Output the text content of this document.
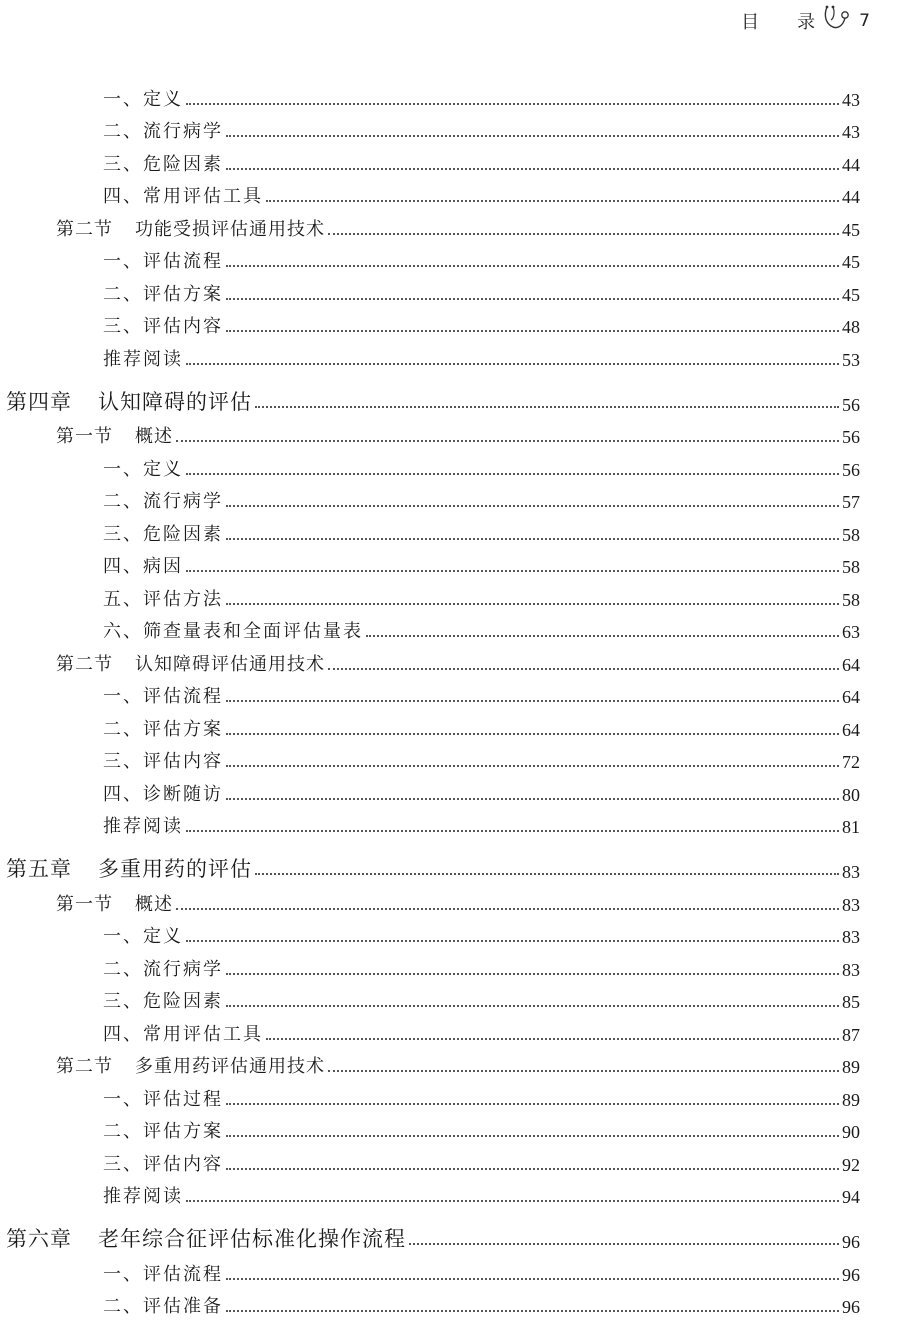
目 录	7
一、定义	43
二、流行病学	43
三、危险因素	44
四、常用评估工具	44
第二节 功能受损评估通用技术	45
一、评估流程	45
二、评估方案	45
三、评估内容	48
推荐阅读	53
第四章 认知障碍的评估	56
第一节 概述	56
一、定义	56
二、流行病学	57
三、危险因素	58
四、病因	58
五、评估方法	58
六、筛查量表和全面评估量表	63
第二节 认知障碍评估通用技术	64
一、评估流程	64
二、评估方案	64
三、评估内容	72
四、诊断随访	80
推荐阅读	81
第五章 多重用药的评估	83
第一节 概述	83
一、定义	83
二、流行病学	83
三、危险因素	85
四、常用评估工具	87
第二节 多重用药评估通用技术	89
一、评估过程	89
二、评估方案	90
三、评估内容	92
推荐阅读	94
第六章 老年综合征评估标准化操作流程	96
一、评估流程	96
二、评估准备	96
